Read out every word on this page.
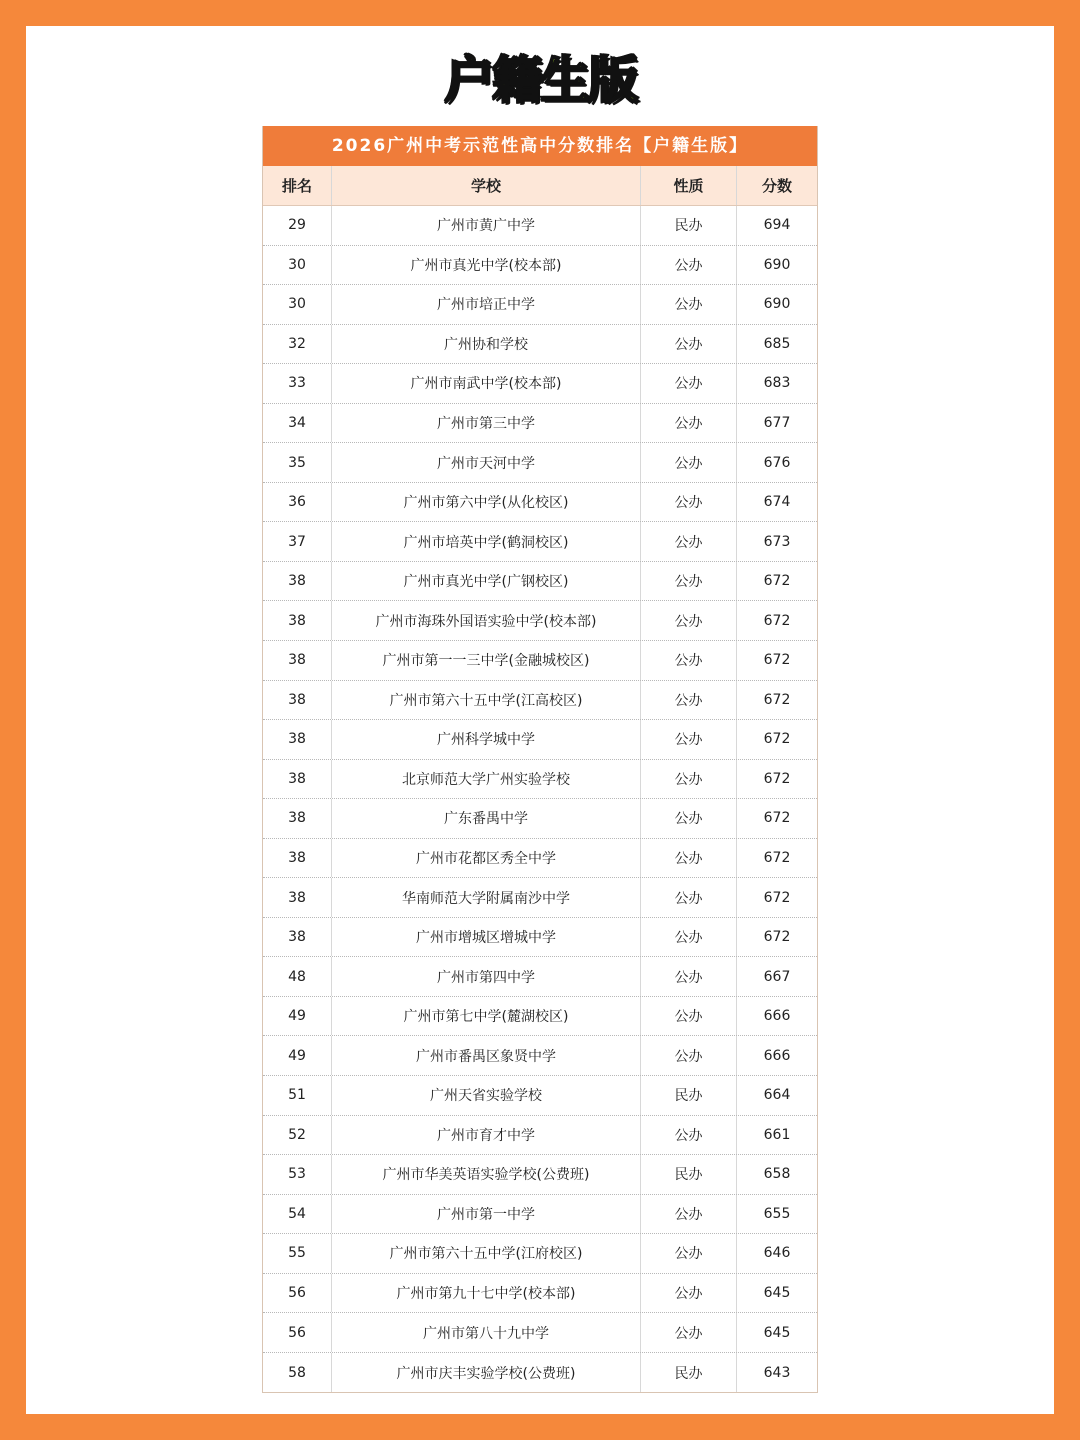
户籍生版
2026广州中考示范性高中分数排名【户籍生版】
排名	学校	性质	分数
29	广州市黄广中学	民办	694
30	广州市真光中学(校本部)	公办	690
30	广州市培正中学	公办	690
32	广州协和学校	公办	685
33	广州市南武中学(校本部)	公办	683
34	广州市第三中学	公办	677
35	广州市天河中学	公办	676
36	广州市第六中学(从化校区)	公办	674
37	广州市培英中学(鹤洞校区)	公办	673
38	广州市真光中学(广钢校区)	公办	672
38	广州市海珠外国语实验中学(校本部)	公办	672
38	广州市第一一三中学(金融城校区)	公办	672
38	广州市第六十五中学(江高校区)	公办	672
38	广州科学城中学	公办	672
38	北京师范大学广州实验学校	公办	672
38	广东番禺中学	公办	672
38	广州市花都区秀全中学	公办	672
38	华南师范大学附属南沙中学	公办	672
38	广州市增城区增城中学	公办	672
48	广州市第四中学	公办	667
49	广州市第七中学(麓湖校区)	公办	666
49	广州市番禺区象贤中学	公办	666
51	广州天省实验学校	民办	664
52	广州市育才中学	公办	661
53	广州市华美英语实验学校(公费班)	民办	658
54	广州市第一中学	公办	655
55	广州市第六十五中学(江府校区)	公办	646
56	广州市第九十七中学(校本部)	公办	645
56	广州市第八十九中学	公办	645
58	广州市庆丰实验学校(公费班)	民办	643
